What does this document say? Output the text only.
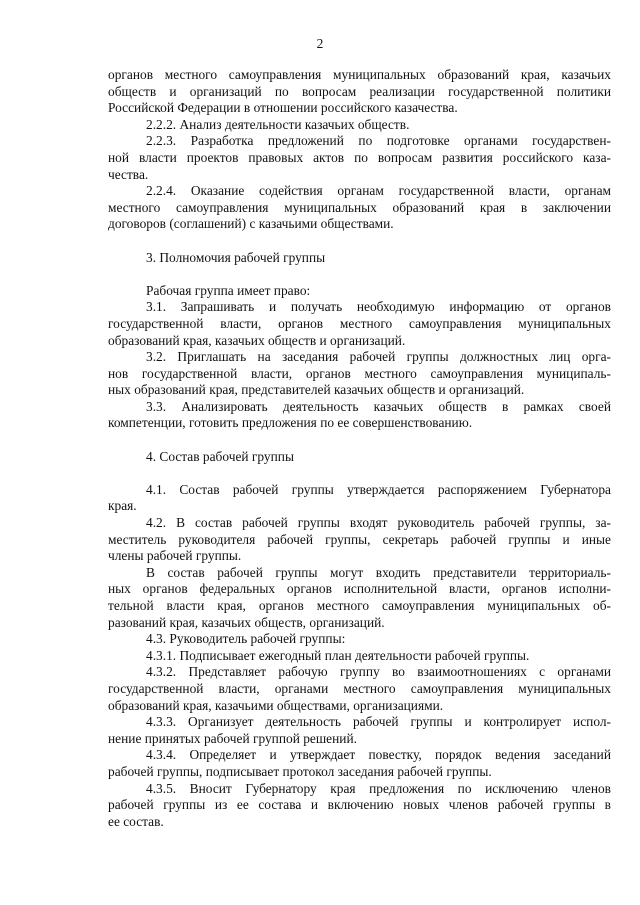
2
органов местного самоуправления муниципальных образований края, казачьих
обществ и организаций по вопросам реализации государственной политики
Российской Федерации в отношении российского казачества.
2.2.2. Анализ деятельности казачьих обществ.
2.2.3. Разработка предложений по подготовке органами государствен-
ной власти проектов правовых актов по вопросам развития российского каза-
чества.
2.2.4. Оказание содействия органам государственной власти, органам
местного самоуправления муниципальных образований края в заключении
договоров (соглашений) с казачьими обществами.
3. Полномочия рабочей группы
Рабочая группа имеет право:
3.1. Запрашивать и получать необходимую информацию от органов
государственной власти, органов местного самоуправления муниципальных
образований края, казачьих обществ и организаций.
3.2. Приглашать на заседания рабочей группы должностных лиц орга-
нов государственной власти, органов местного самоуправления муниципаль-
ных образований края, представителей казачьих обществ и организаций.
3.3. Анализировать деятельность казачьих обществ в рамках своей
компетенции, готовить предложения по ее совершенствованию.
4. Состав рабочей группы
4.1. Состав рабочей группы утверждается распоряжением Губернатора
края.
4.2. В состав рабочей группы входят руководитель рабочей группы, за-
меститель руководителя рабочей группы, секретарь рабочей группы и иные
члены рабочей группы.
В состав рабочей группы могут входить представители территориаль-
ных органов федеральных органов исполнительной власти, органов исполни-
тельной власти края, органов местного самоуправления муниципальных об-
разований края, казачьих обществ, организаций.
4.3. Руководитель рабочей группы:
4.3.1. Подписывает ежегодный план деятельности рабочей группы.
4.3.2. Представляет рабочую группу во взаимоотношениях с органами
государственной власти, органами местного самоуправления муниципальных
образований края, казачьими обществами, организациями.
4.3.3. Организует деятельность рабочей группы и контролирует испол-
нение принятых рабочей группой решений.
4.3.4. Определяет и утверждает повестку, порядок ведения заседаний
рабочей группы, подписывает протокол заседания рабочей группы.
4.3.5. Вносит Губернатору края предложения по исключению членов
рабочей группы из ее состава и включению новых членов рабочей группы в
ее состав.
